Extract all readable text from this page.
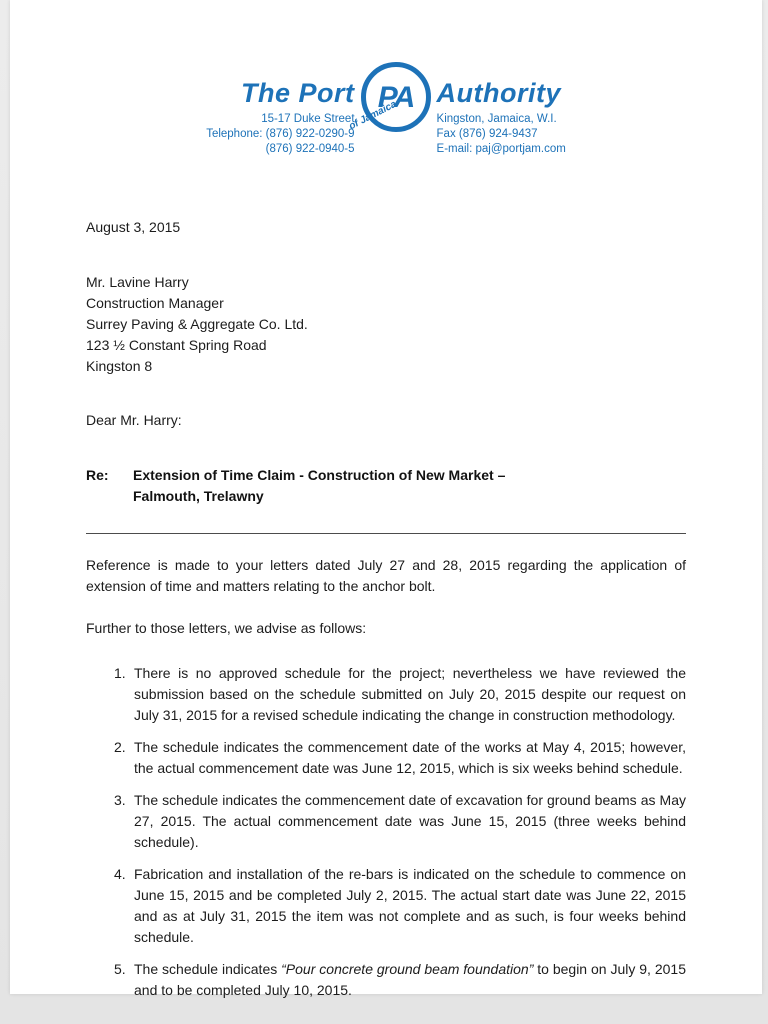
The Port
15-17 Duke Street
Telephone: (876) 922-0290-9
(876) 922-0940-5
PA
of Jamaica
Authority
Kingston, Jamaica, W.I.
Fax (876) 924-9437
E-mail: paj@portjam.com
August 3, 2015
Mr. Lavine Harry
Construction Manager
Surrey Paving & Aggregate Co. Ltd.
123 ½ Constant Spring Road
Kingston 8
Dear Mr. Harry:
Re:	Extension of Time Claim - Construction of New Market –
Falmouth, Trelawny
Reference is made to your letters dated July 27 and 28, 2015 regarding the application of extension of time and matters relating to the anchor bolt.
Further to those letters, we advise as follows:
1. There is no approved schedule for the project; nevertheless we have reviewed the submission based on the schedule submitted on July 20, 2015 despite our request on July 31, 2015 for a revised schedule indicating the change in construction methodology.
2. The schedule indicates the commencement date of the works at May 4, 2015; however, the actual commencement date was June 12, 2015, which is six weeks behind schedule.
3. The schedule indicates the commencement date of excavation for ground beams as May 27, 2015. The actual commencement date was June 15, 2015 (three weeks behind schedule).
4. Fabrication and installation of the re-bars is indicated on the schedule to commence on June 15, 2015 and be completed July 2, 2015. The actual start date was June 22, 2015 and as at July 31, 2015 the item was not complete and as such, is four weeks behind schedule.
5. The schedule indicates “Pour concrete ground beam foundation” to begin on July 9, 2015 and to be completed July 10, 2015.
